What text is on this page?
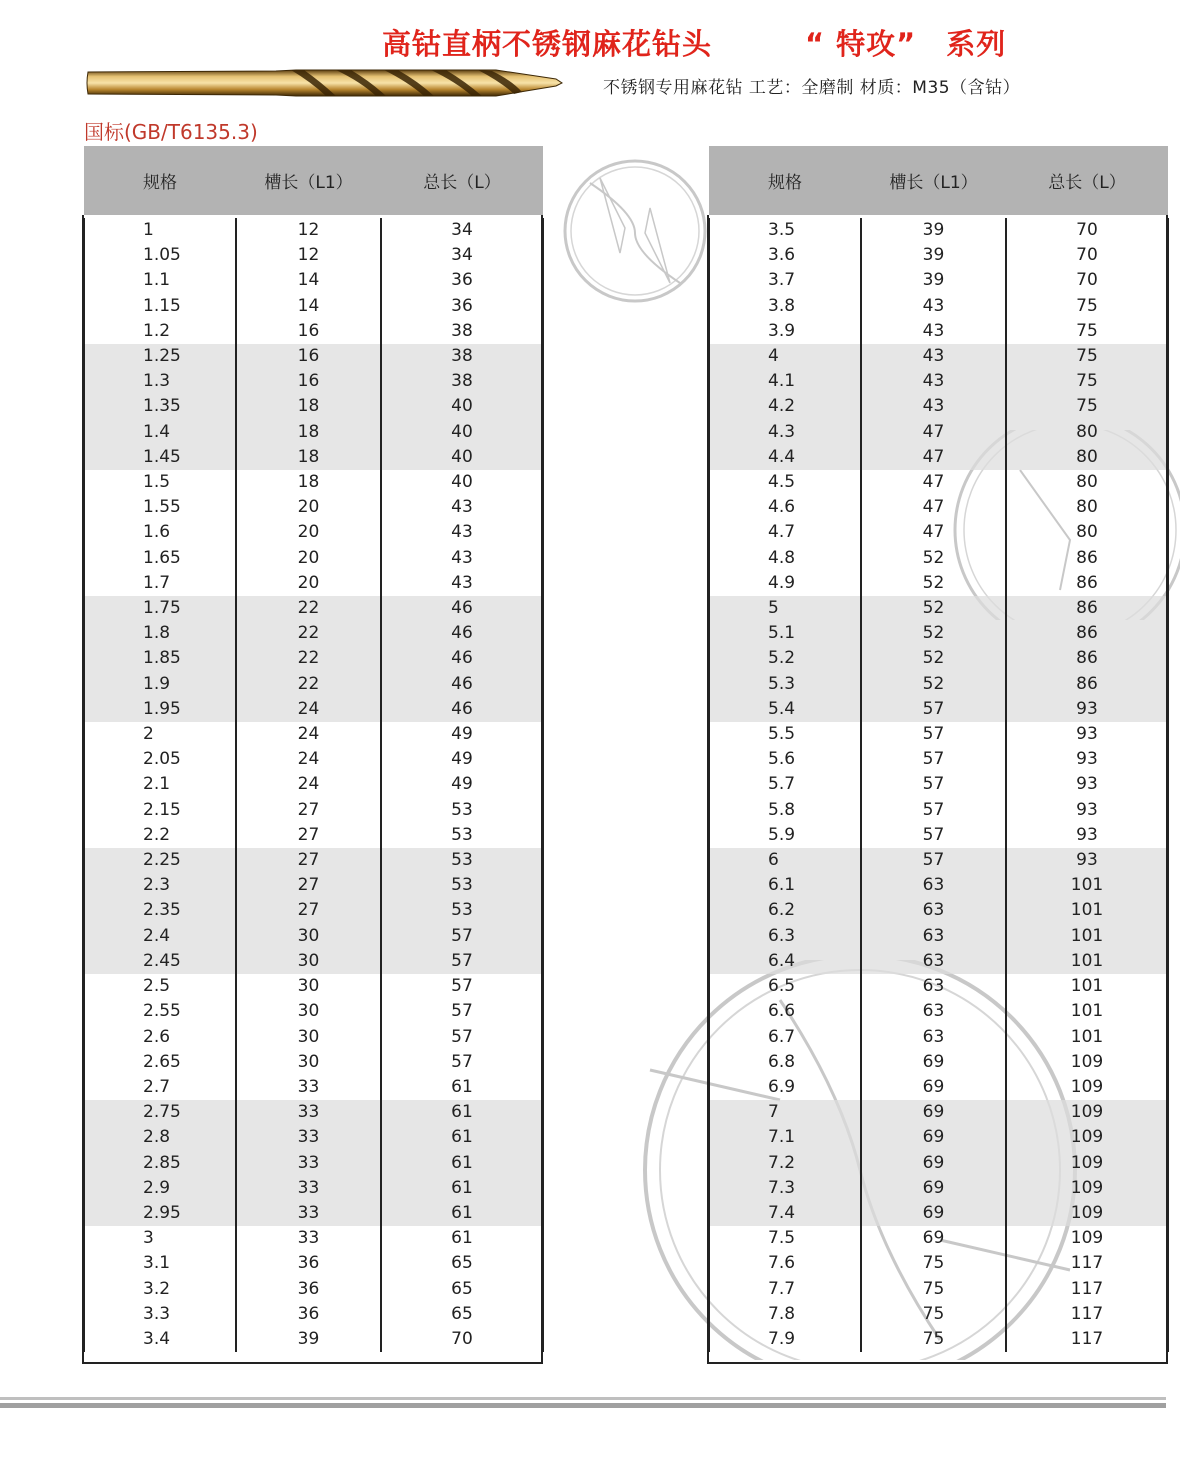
高钴直柄不锈钢麻花钻头	“ 特攻”　系列
不锈钢专用麻花钻 工艺：全磨制 材质：M35（含钴）
国标(GB/T6135.3)
规格	槽长（L1）	总长（L）

1	12	34
1.05	12	34
1.1	14	36
1.15	14	36
1.2	16	38
1.25	16	38
1.3	16	38
1.35	18	40
1.4	18	40
1.45	18	40
1.5	18	40
1.55	20	43
1.6	20	43
1.65	20	43
1.7	20	43
1.75	22	46
1.8	22	46
1.85	22	46
1.9	22	46
1.95	24	46
2	24	49
2.05	24	49
2.1	24	49
2.15	27	53
2.2	27	53
2.25	27	53
2.3	27	53
2.35	27	53
2.4	30	57
2.45	30	57
2.5	30	57
2.55	30	57
2.6	30	57
2.65	30	57
2.7	33	61
2.75	33	61
2.8	33	61
2.85	33	61
2.9	33	61
2.95	33	61
3	33	61
3.1	36	65
3.2	36	65
3.3	36	65
3.4	39	70
规格	槽长（L1）	总长（L）

3.5	39	70
3.6	39	70
3.7	39	70
3.8	43	75
3.9	43	75
4	43	75
4.1	43	75
4.2	43	75
4.3	47	80
4.4	47	80
4.5	47	80
4.6	47	80
4.7	47	80
4.8	52	86
4.9	52	86
5	52	86
5.1	52	86
5.2	52	86
5.3	52	86
5.4	57	93
5.5	57	93
5.6	57	93
5.7	57	93
5.8	57	93
5.9	57	93
6	57	93
6.1	63	101
6.2	63	101
6.3	63	101
6.4	63	101
6.5	63	101
6.6	63	101
6.7	63	101
6.8	69	109
6.9	69	109
7	69	109
7.1	69	109
7.2	69	109
7.3	69	109
7.4	69	109
7.5	69	109
7.6	75	117
7.7	75	117
7.8	75	117
7.9	75	117
